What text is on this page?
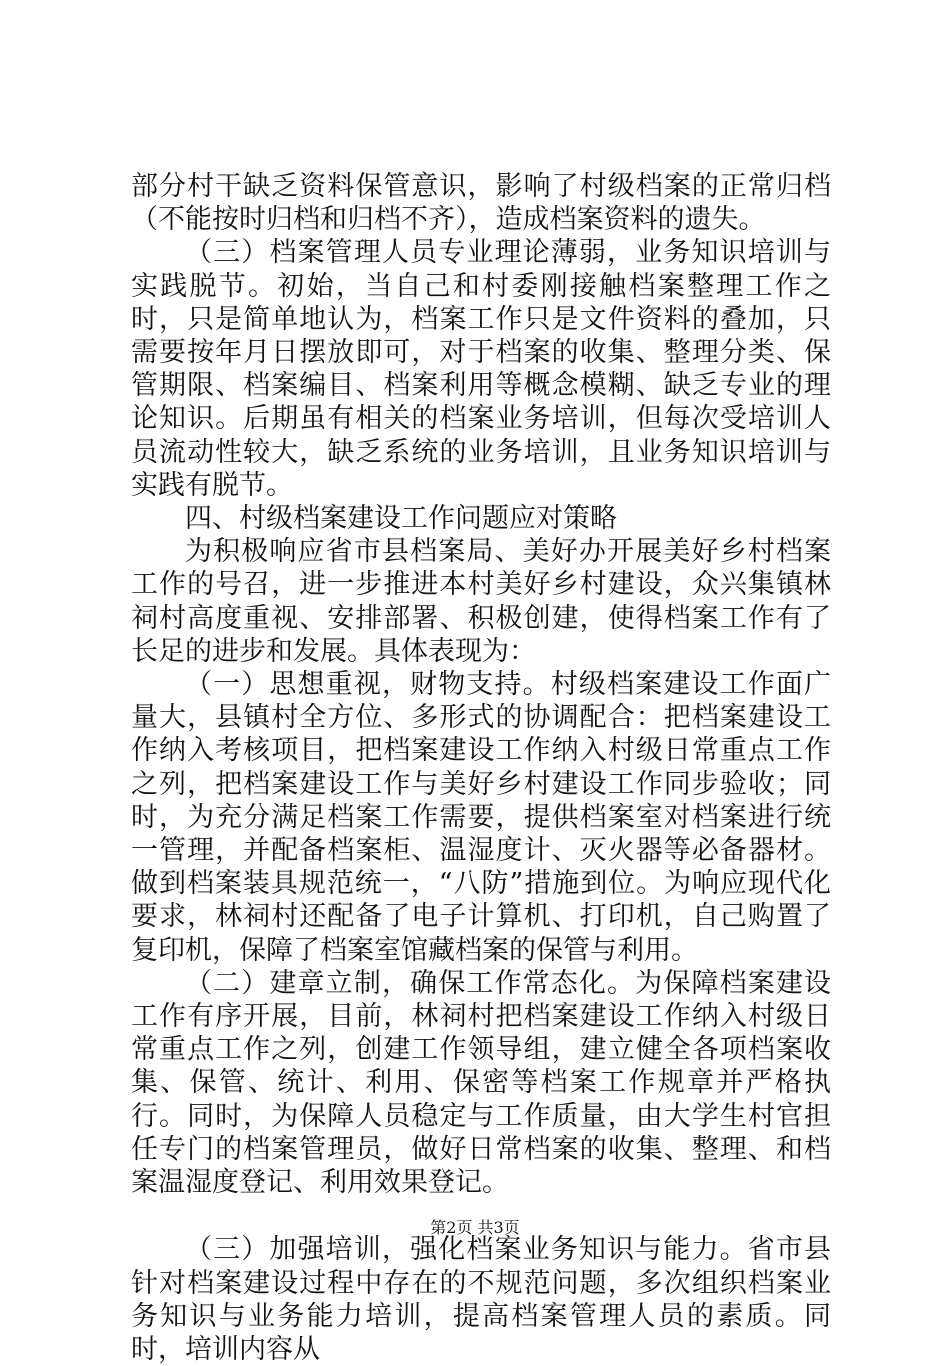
部分村干缺乏资料保管意识，影响了村级档案的正常归档（不能按时归档和归档不齐），造成档案资料的遗失。

（三）档案管理人员专业理论薄弱，业务知识培训与实践脱节。初始，当自己和村委刚接触档案整理工作之时，只是简单地认为，档案工作只是文件资料的叠加，只需要按年月日摆放即可，对于档案的收集、整理分类、保管期限、档案编目、档案利用等概念模糊、缺乏专业的理论知识。后期虽有相关的档案业务培训，但每次受培训人员流动性较大，缺乏系统的业务培训，且业务知识培训与实践有脱节。

四、村级档案建设工作问题应对策略

为积极响应省市县档案局、美好办开展美好乡村档案工作的号召，进一步推进本村美好乡村建设，众兴集镇林祠村高度重视、安排部署、积极创建，使得档案工作有了长足的进步和发展。具体表现为：

（一）思想重视，财物支持。村级档案建设工作面广量大，县镇村全方位、多形式的协调配合：把档案建设工作纳入考核项目，把档案建设工作纳入村级日常重点工作之列，把档案建设工作与美好乡村建设工作同步验收；同时，为充分满足档案工作需要，提供档案室对档案进行统一管理，并配备档案柜、温湿度计、灭火器等必备器材。做到档案装具规范统一，“八防”措施到位。为响应现代化要求，林祠村还配备了电子计算机、打印机，自己购置了复印机，保障了档案室馆藏档案的保管与利用。

（二）建章立制，确保工作常态化。为保障档案建设工作有序开展，目前，林祠村把档案建设工作纳入村级日常重点工作之列，创建工作领导组，建立健全各项档案收集、保管、统计、利用、保密等档案工作规章并严格执行。同时，为保障人员稳定与工作质量，由大学生村官担任专门的档案管理员，做好日常档案的收集、整理、和档案温湿度登记、利用效果登记。

（三）加强培训，强化档案业务知识与能力。省市县针对档案建设过程中存在的不规范问题，多次组织档案业务知识与业务能力培训，提高档案管理人员的素质。同时，培训内容从

第2页 共3页
